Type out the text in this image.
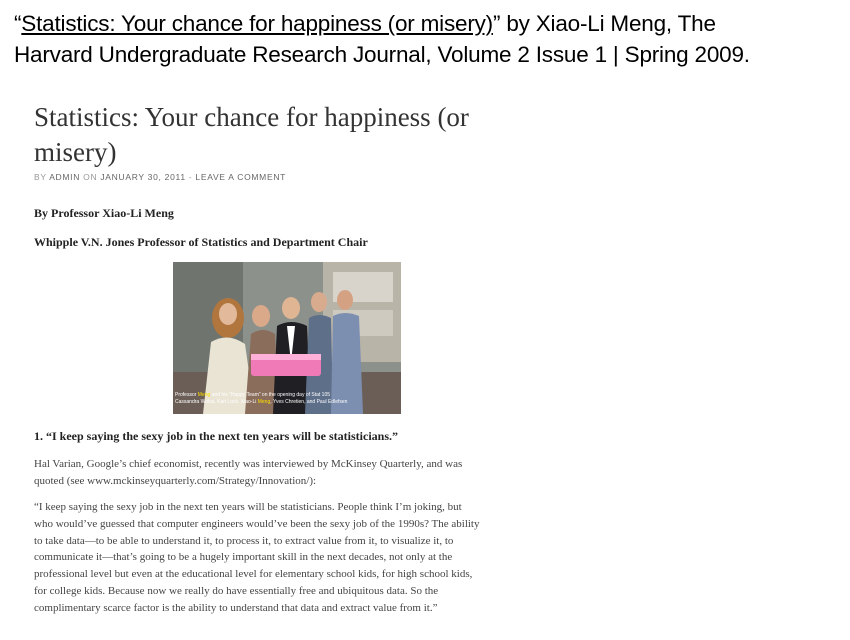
“Statistics: Your chance for happiness (or misery)” by Xiao-Li Meng, The
Harvard Undergraduate Research Journal, Volume 2 Issue 1 | Spring 2009.
Statistics: Your chance for happiness (or misery)
BY ADMIN ON JANUARY 30, 2011 - LEAVE A COMMENT
By Professor Xiao-Li Meng
Whipple V.N. Jones Professor of Statistics and Department Chair
Professor Meng and his “Happy Team” on the opening day of Stat 105
Cassandra Wolos, Kari Lock, Xiao-Li Meng, Yves Chretien, and Paul Edlefsen
1. “I keep saying the sexy job in the next ten years will be statisticians.”
Hal Varian, Google’s chief economist, recently was interviewed by McKinsey Quarterly, and was
quoted (see www.mckinseyquarterly.com/Strategy/Innovation/):
“I keep saying the sexy job in the next ten years will be statisticians. People think I’m joking, but
who would’ve guessed that computer engineers would’ve been the sexy job of the 1990s? The ability
to take data—to be able to understand it, to process it, to extract value from it, to visualize it, to
communicate it—that’s going to be a hugely important skill in the next decades, not only at the
professional level but even at the educational level for elementary school kids, for high school kids,
for college kids. Because now we really do have essentially free and ubiquitous data. So the
complimentary scarce factor is the ability to understand that data and extract value from it.”
